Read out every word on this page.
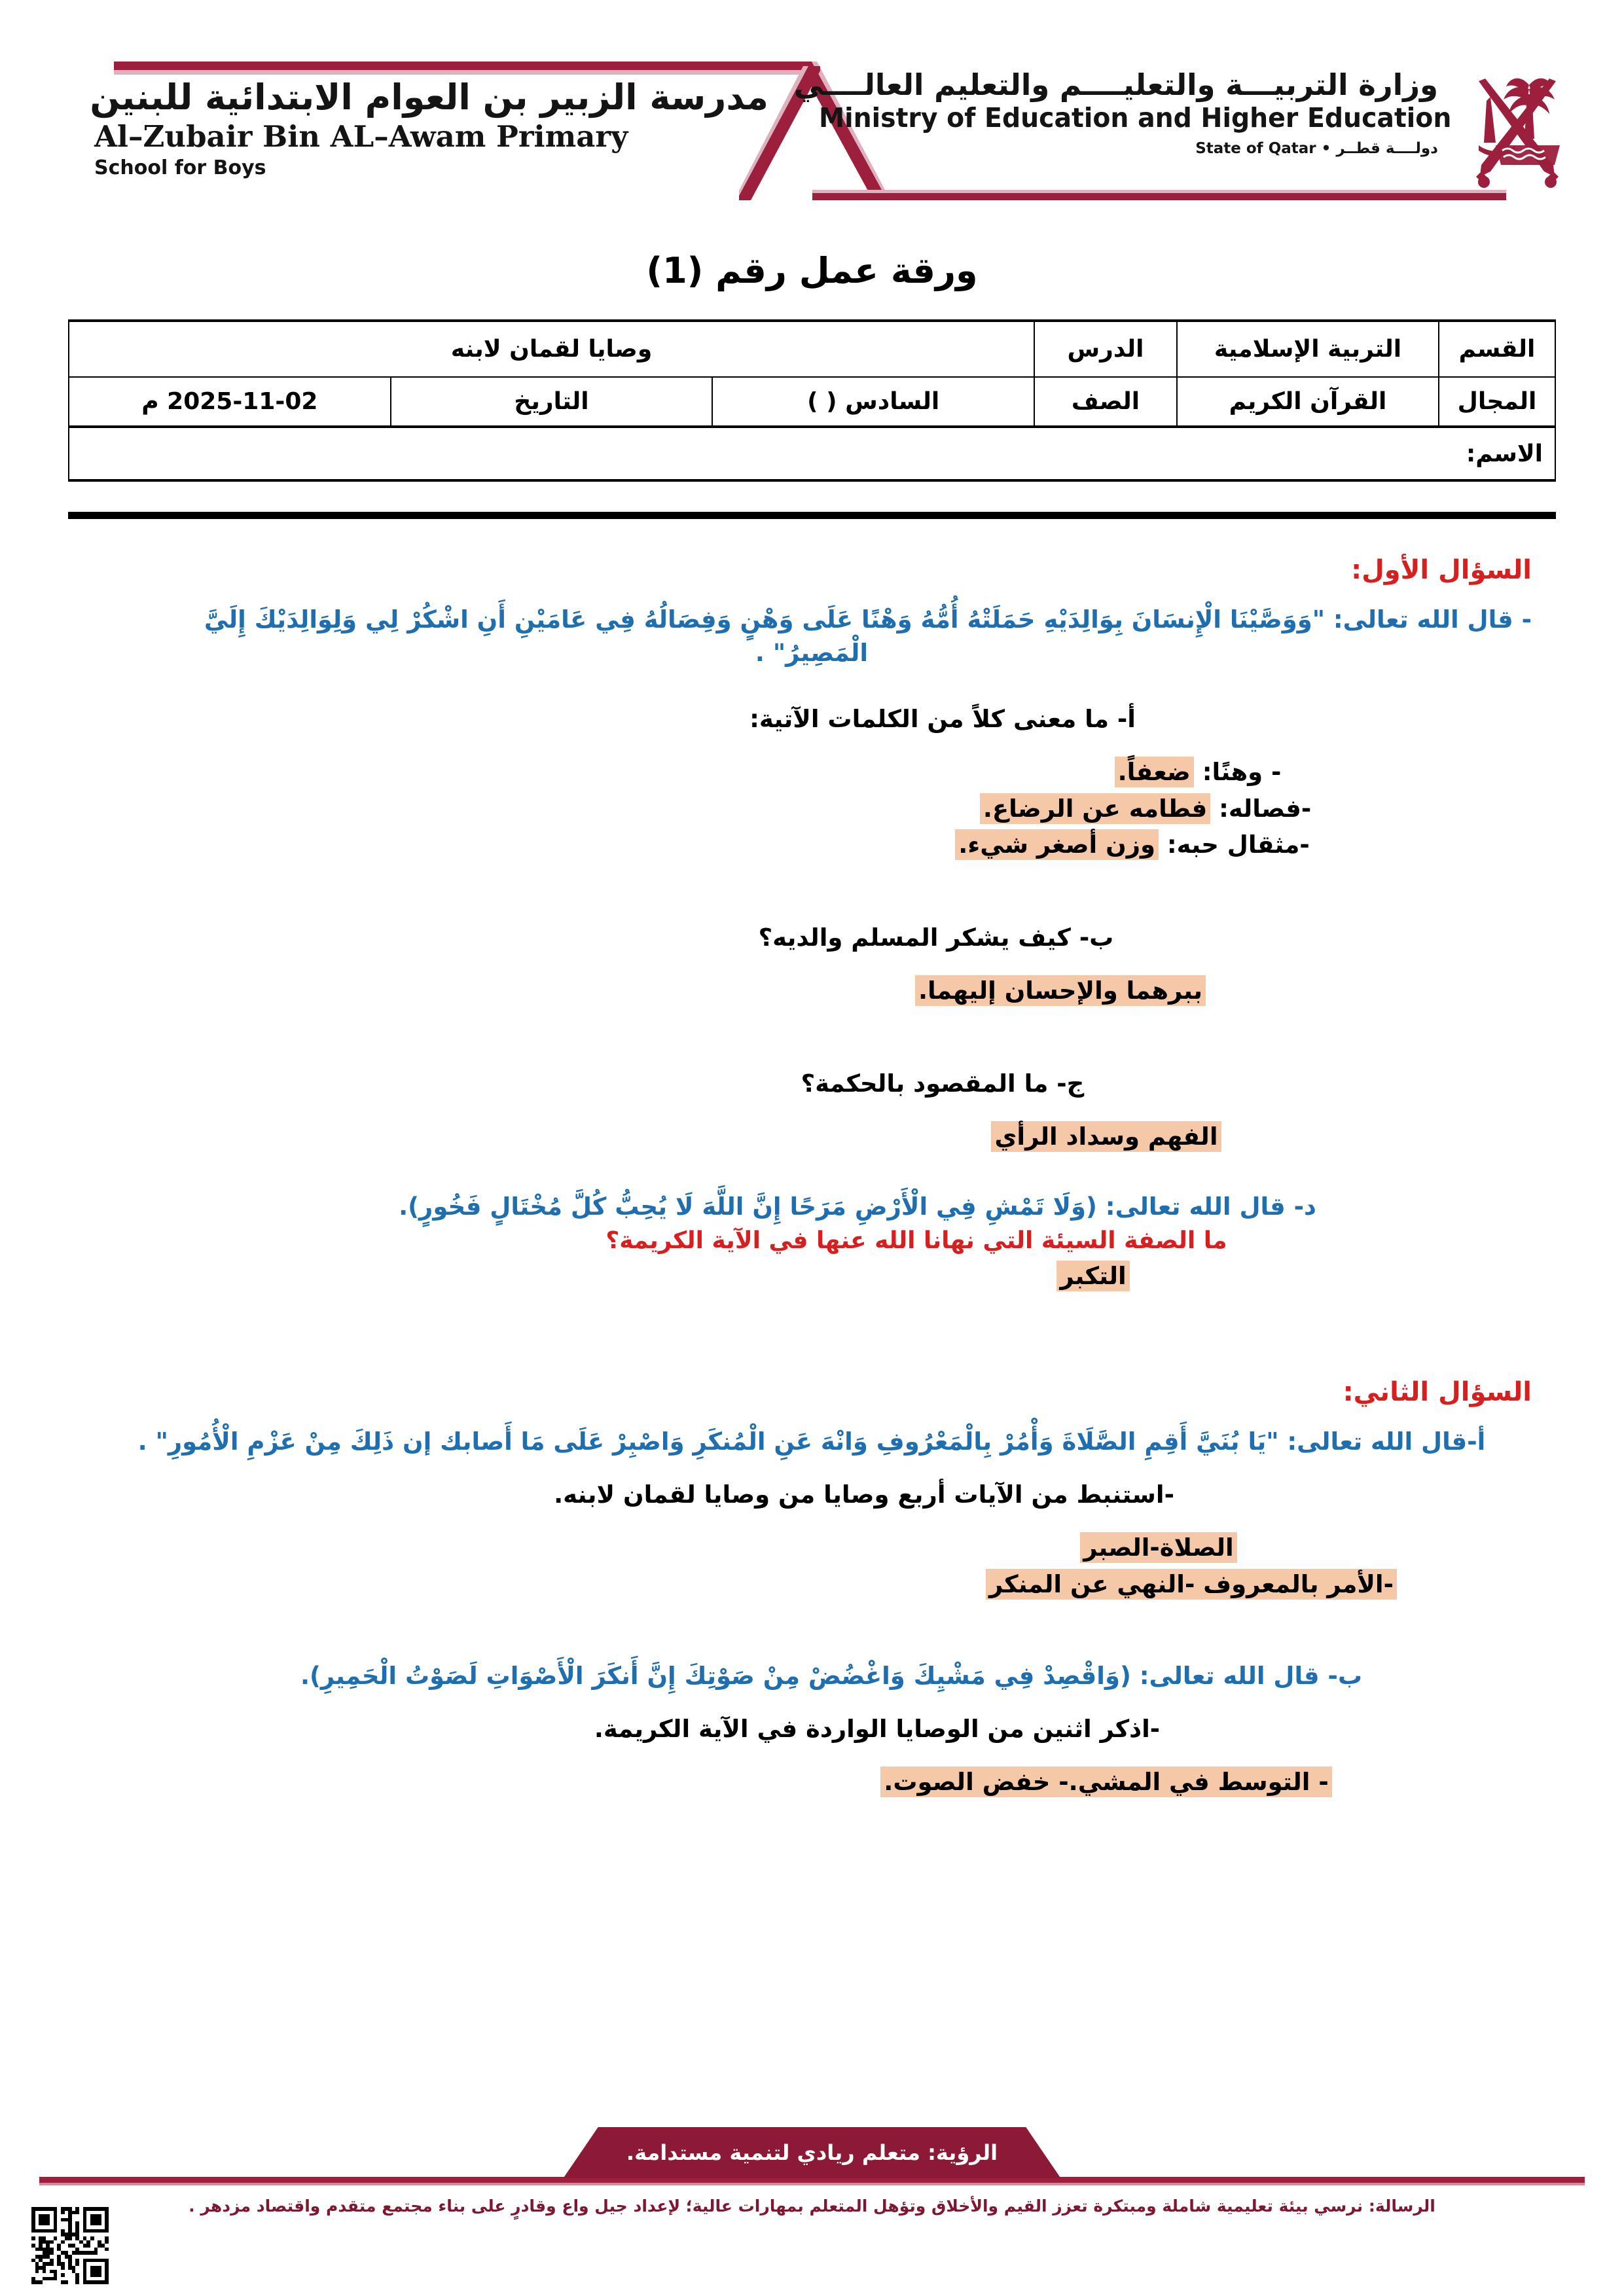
مدرسة الزبير بن العوام الابتدائية للبنين
Al–Zubair Bin AL–Awam Primary
School for Boys
وزارة التربيـــة والتعليــــم والتعليم العالــــي
Ministry of Education and Higher Education
دولــــة قطــر • State of Qatar
ورقة عمل رقم (1)
القسم	التربية الإسلامية	الدرس	وصايا لقمان لابنه		
المجال	القرآن الكريم	الصف	السادس ( )	التاريخ	2025-11-02 م
الاسم:					

السؤال الأول:

- قال الله تعالى: "وَوَصَّيْنَا الْإِنسَانَ بِوَالِدَيْهِ حَمَلَتْهُ أُمُّهُ وَهْنًا عَلَى وَهْنٍ وَفِصَالُهُ فِي عَامَيْنِ أَنِ اشْكُرْ لِي وَلِوَالِدَيْكَ إِلَيَّ
الْمَصِيرُ" .

أ- ما معنى كلاً من الكلمات الآتية:

- وهنًا: ضعفاً.

-فصاله: فطامه عن الرضاع.

-مثقال حبه: وزن أصغر شيء.

ب- كيف يشكر المسلم والديه؟

ببرهما والإحسان إليهما.

ج- ما المقصود بالحكمة؟

الفهم وسداد الرأي

د- قال الله تعالى: (وَلَا تَمْشِ فِي الْأَرْضِ مَرَحًا إِنَّ اللَّهَ لَا يُحِبُّ كُلَّ مُخْتَالٍ فَخُورٍ).

ما الصفة السيئة التي نهانا الله عنها في الآية الكريمة؟

التكبر

السؤال الثاني:

أ-قال الله تعالى: "يَا بُنَيَّ أَقِمِ الصَّلَاةَ وَأْمُرْ بِالْمَعْرُوفِ وَانْهَ عَنِ الْمُنكَرِ وَاصْبِرْ عَلَى مَا أَصابك إن ذَلِكَ مِنْ عَزْمِ الْأُمُورِ" .

-استنبط من الآيات أربع وصايا من وصايا لقمان لابنه.

الصلاة-الصبر

-الأمر بالمعروف -النهي عن المنكر

ب- قال الله تعالى: (وَاقْصِدْ فِي مَشْيِكَ وَاغْضُضْ مِنْ صَوْتِكَ إِنَّ أَنكَرَ الْأَصْوَاتِ لَصَوْتُ الْحَمِيرِ).

-اذكر اثنين من الوصايا الواردة في الآية الكريمة.

- التوسط في المشي.- خفض الصوت.

الرؤية: متعلم ريادي لتنمية مستدامة.
الرسالة: نرسي بيئة تعليمية شاملة ومبتكرة تعزز القيم والأخلاق وتؤهل المتعلم بمهارات عالية؛ لإعداد جيل واع وقادرٍ على بناء مجتمع متقدم واقتصاد مزدهر .
